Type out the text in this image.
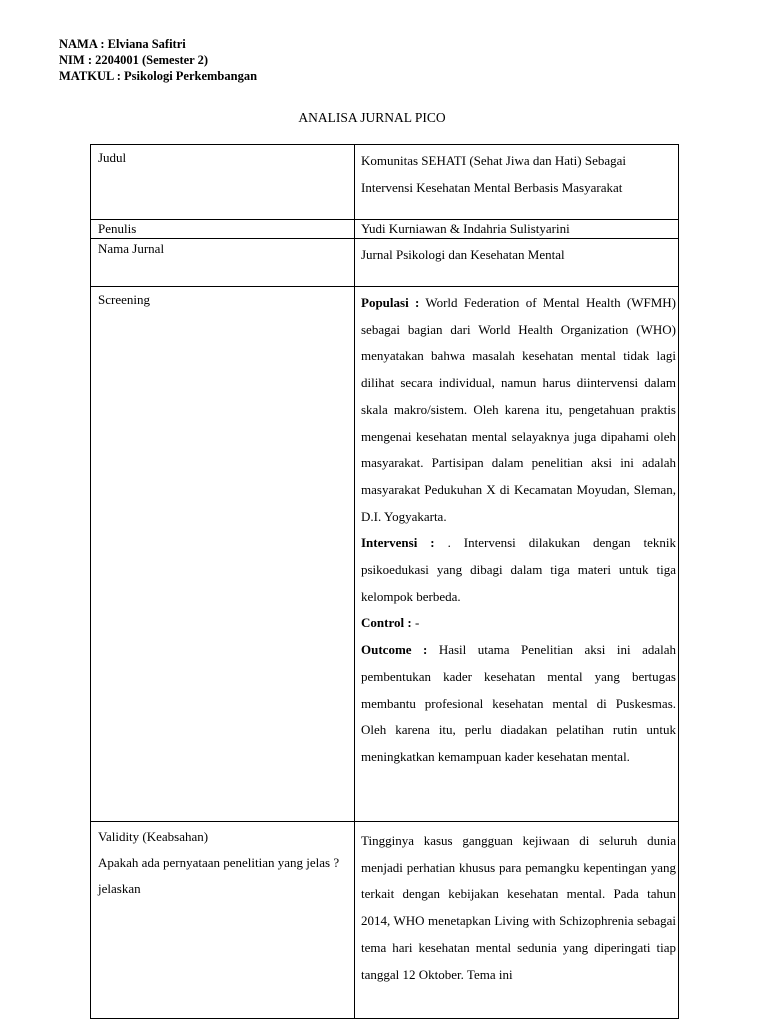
NAMA : Elviana Safitri
NIM : 2204001 (Semester 2)
MATKUL : Psikologi Perkembangan
ANALISA JURNAL PICO
Judul	Komunitas SEHATI (Sehat Jiwa dan Hati) Sebagai Intervensi Kesehatan Mental Berbasis Masyarakat
Penulis	Yudi Kurniawan & Indahria Sulistyarini
Nama Jurnal	Jurnal Psikologi dan Kesehatan Mental
Screening	Populasi : World Federation of Mental Health (WFMH) sebagai bagian dari World Health Organization (WHO) menyatakan bahwa masalah kesehatan mental tidak lagi dilihat secara individual, namun harus diintervensi dalam skala makro/sistem. Oleh karena itu, pengetahuan praktis mengenai kesehatan mental selayaknya juga dipahami oleh masyarakat. Partisipan dalam penelitian aksi ini adalah masyarakat Pedukuhan X di Kecamatan Moyudan, Sleman, D.I. Yogyakarta.
Intervensi : . Intervensi dilakukan dengan teknik psikoedukasi yang dibagi dalam tiga materi untuk tiga kelompok berbeda.
Control : -
Outcome : Hasil utama Penelitian aksi ini adalah pembentukan kader kesehatan mental yang bertugas membantu profesional kesehatan mental di Puskesmas. Oleh karena itu, perlu diadakan pelatihan rutin untuk meningkatkan kemampuan kader kesehatan mental.

Validity (Keabsahan)
Apakah ada pernyataan penelitian yang jelas ? jelaskan	Tingginya kasus gangguan kejiwaan di seluruh dunia menjadi perhatian khusus para pemangku kepentingan yang terkait dengan kebijakan kesehatan mental. Pada tahun 2014, WHO menetapkan Living with Schizophrenia sebagai tema hari kesehatan mental sedunia yang diperingati tiap tanggal 12 Oktober. Tema ini
